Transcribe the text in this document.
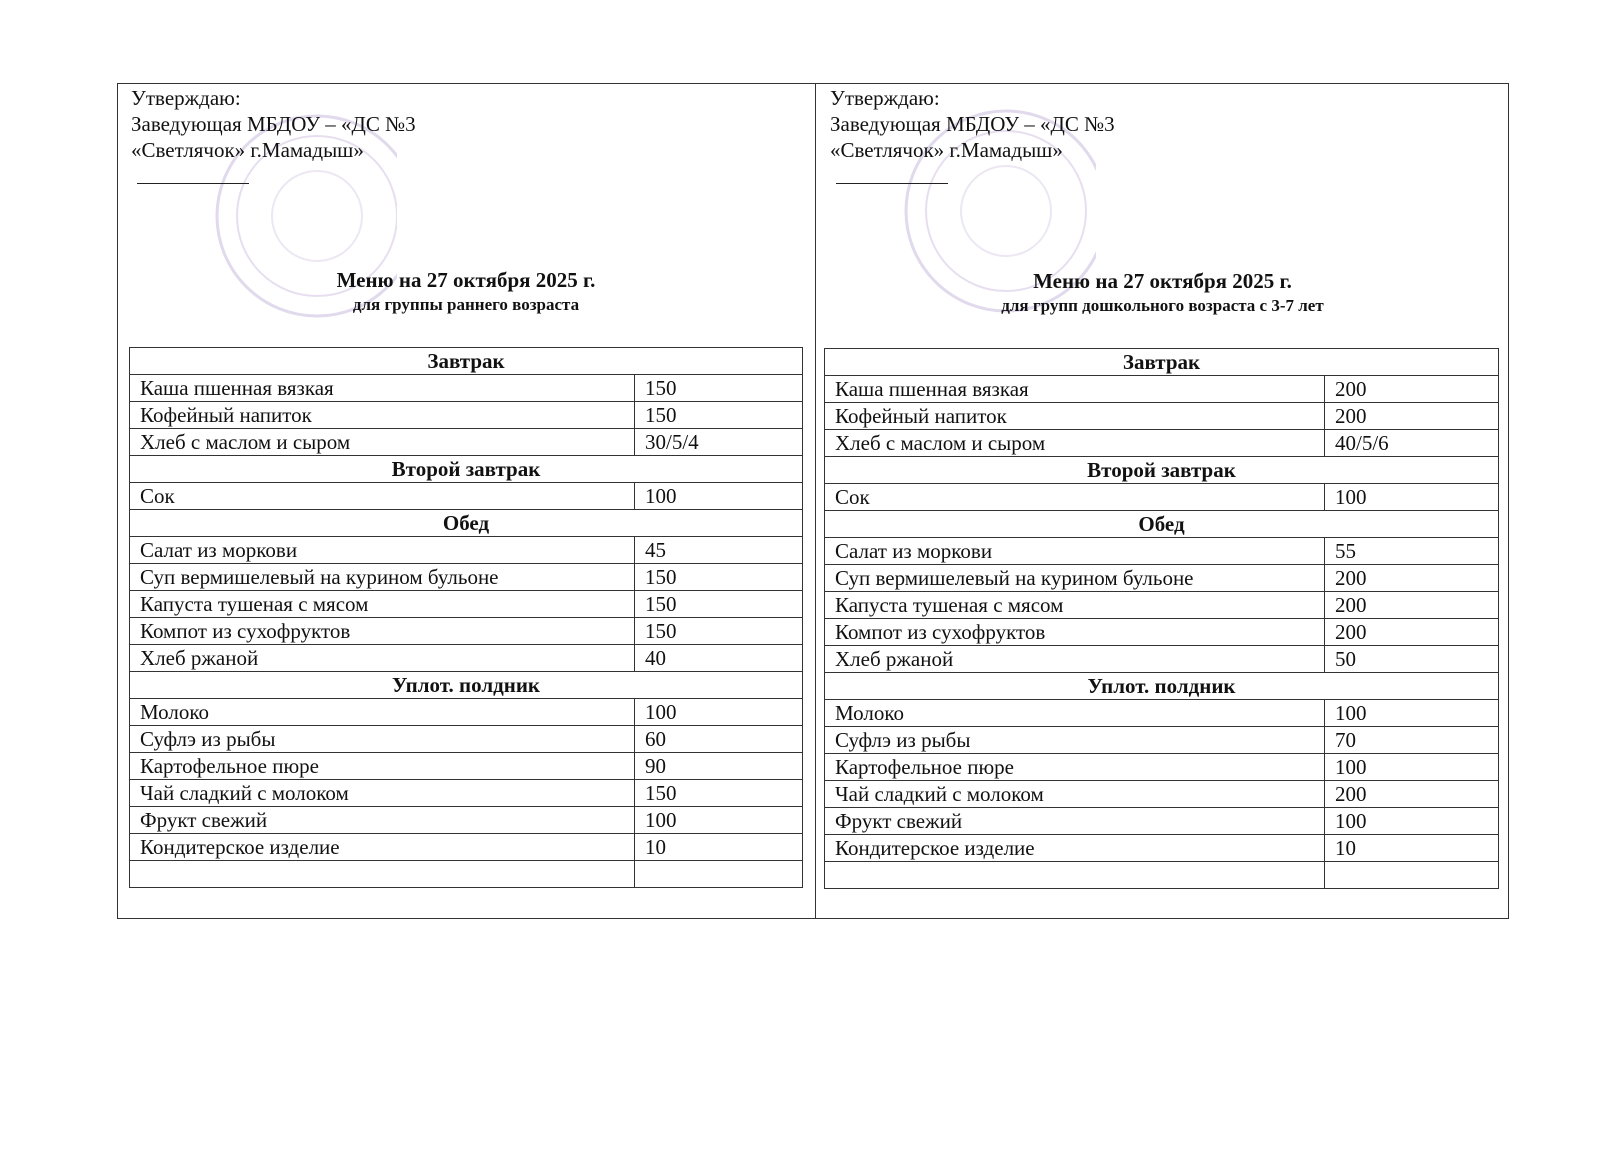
Утверждаю:
Заведующая МБДОУ – «ДС №3
«Светлячок» г.Мамадыш»
Меню на 27 октября 2025 г.
для группы раннего возраста
Завтрак	
Каша пшенная вязкая	150
Кофейный напиток	150
Хлеб с маслом и сыром	30/5/4
Второй завтрак	
Сок	100
Обед	
Салат из моркови	45
Суп вермишелевый на курином бульоне	150
Капуста тушеная с мясом	150
Компот из сухофруктов	150
Хлеб ржаной	40
Уплот. полдник	
Молоко	100
Суфлэ из рыбы	60
Картофельное пюре	90
Чай сладкий с молоком	150
Фрукт свежий	100
Кондитерское изделие	10

Утверждаю:
Заведующая МБДОУ – «ДС №3
«Светлячок» г.Мамадыш»
Меню на 27 октября 2025 г.
для групп дошкольного возраста с 3-7 лет
Завтрак	
Каша пшенная вязкая	200
Кофейный напиток	200
Хлеб с маслом и сыром	40/5/6
Второй завтрак	
Сок	100
Обед	
Салат из моркови	55
Суп вермишелевый на курином бульоне	200
Капуста тушеная с мясом	200
Компот из сухофруктов	200
Хлеб ржаной	50
Уплот. полдник	
Молоко	100
Суфлэ из рыбы	70
Картофельное пюре	100
Чай сладкий с молоком	200
Фрукт свежий	100
Кондитерское изделие	10
